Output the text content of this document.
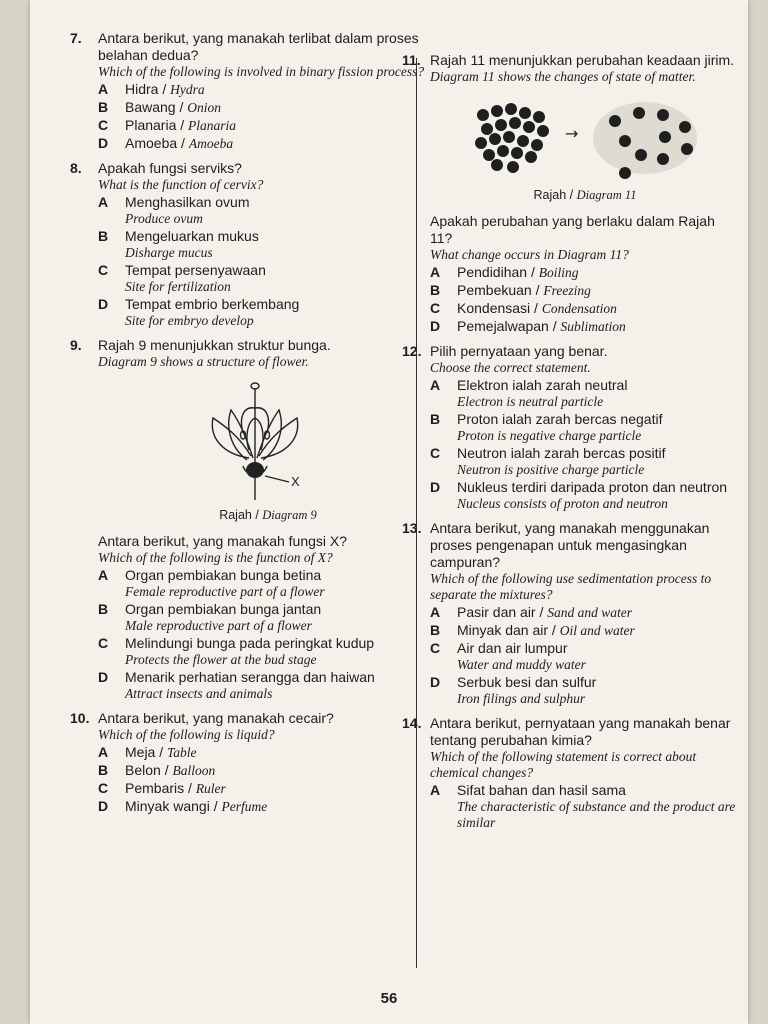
7. Antara berikut, yang manakah terlibat dalam proses belahan dedua?
Which of the following is involved in binary fission process?
A Hidra / Hydra
B Bawang / Onion
C Planaria / Planaria
D Amoeba / Amoeba
8. Apakah fungsi serviks?
What is the function of cervix?
A Menghasilkan ovum
Produce ovum
B Mengeluarkan mukus
Disharge mucus
C Tempat persenyawaan
Site for fertilization
D Tempat embrio berkembang
Site for embryo develop
9. Rajah 9 menunjukkan struktur bunga.
Diagram 9 shows a structure of flower.
X
Rajah / Diagram 9
Antara berikut, yang manakah fungsi X?
Which of the following is the function of X?
A Organ pembiakan bunga betina
Female reproductive part of a flower
B Organ pembiakan bunga jantan
Male reproductive part of a flower
C Melindungi bunga pada peringkat kudup
Protects the flower at the bud stage
D Menarik perhatian serangga dan haiwan
Attract insects and animals
10. Antara berikut, yang manakah cecair?
Which of the following is liquid?
A Meja / Table
B Belon / Balloon
C Pembaris / Ruler
D Minyak wangi / Perfume
11. Rajah 11 menunjukkan perubahan keadaan jirim.
Diagram 11 shows the changes of state of matter.
→
Rajah / Diagram 11
Apakah perubahan yang berlaku dalam Rajah 11?
What change occurs in Diagram 11?
A Pendidihan / Boiling
B Pembekuan / Freezing
C Kondensasi / Condensation
D Pemejalwapan / Sublimation
12. Pilih pernyataan yang benar.
Choose the correct statement.
A Elektron ialah zarah neutral
Electron is neutral particle
B Proton ialah zarah bercas negatif
Proton is negative charge particle
C Neutron ialah zarah bercas positif
Neutron is positive charge particle
D Nukleus terdiri daripada proton dan neutron
Nucleus consists of proton and neutron
13. Antara berikut, yang manakah menggunakan proses pengenapan untuk mengasingkan campuran?
Which of the following use sedimentation process to separate the mixtures?
A Pasir dan air / Sand and water
B Minyak dan air / Oil and water
C Air dan air lumpur
Water and muddy water
D Serbuk besi dan sulfur
Iron filings and sulphur
14. Antara berikut, pernyataan yang manakah benar tentang perubahan kimia?
Which of the following statement is correct about chemical changes?
A Sifat bahan dan hasil sama
The characteristic of substance and the product are similar
56
